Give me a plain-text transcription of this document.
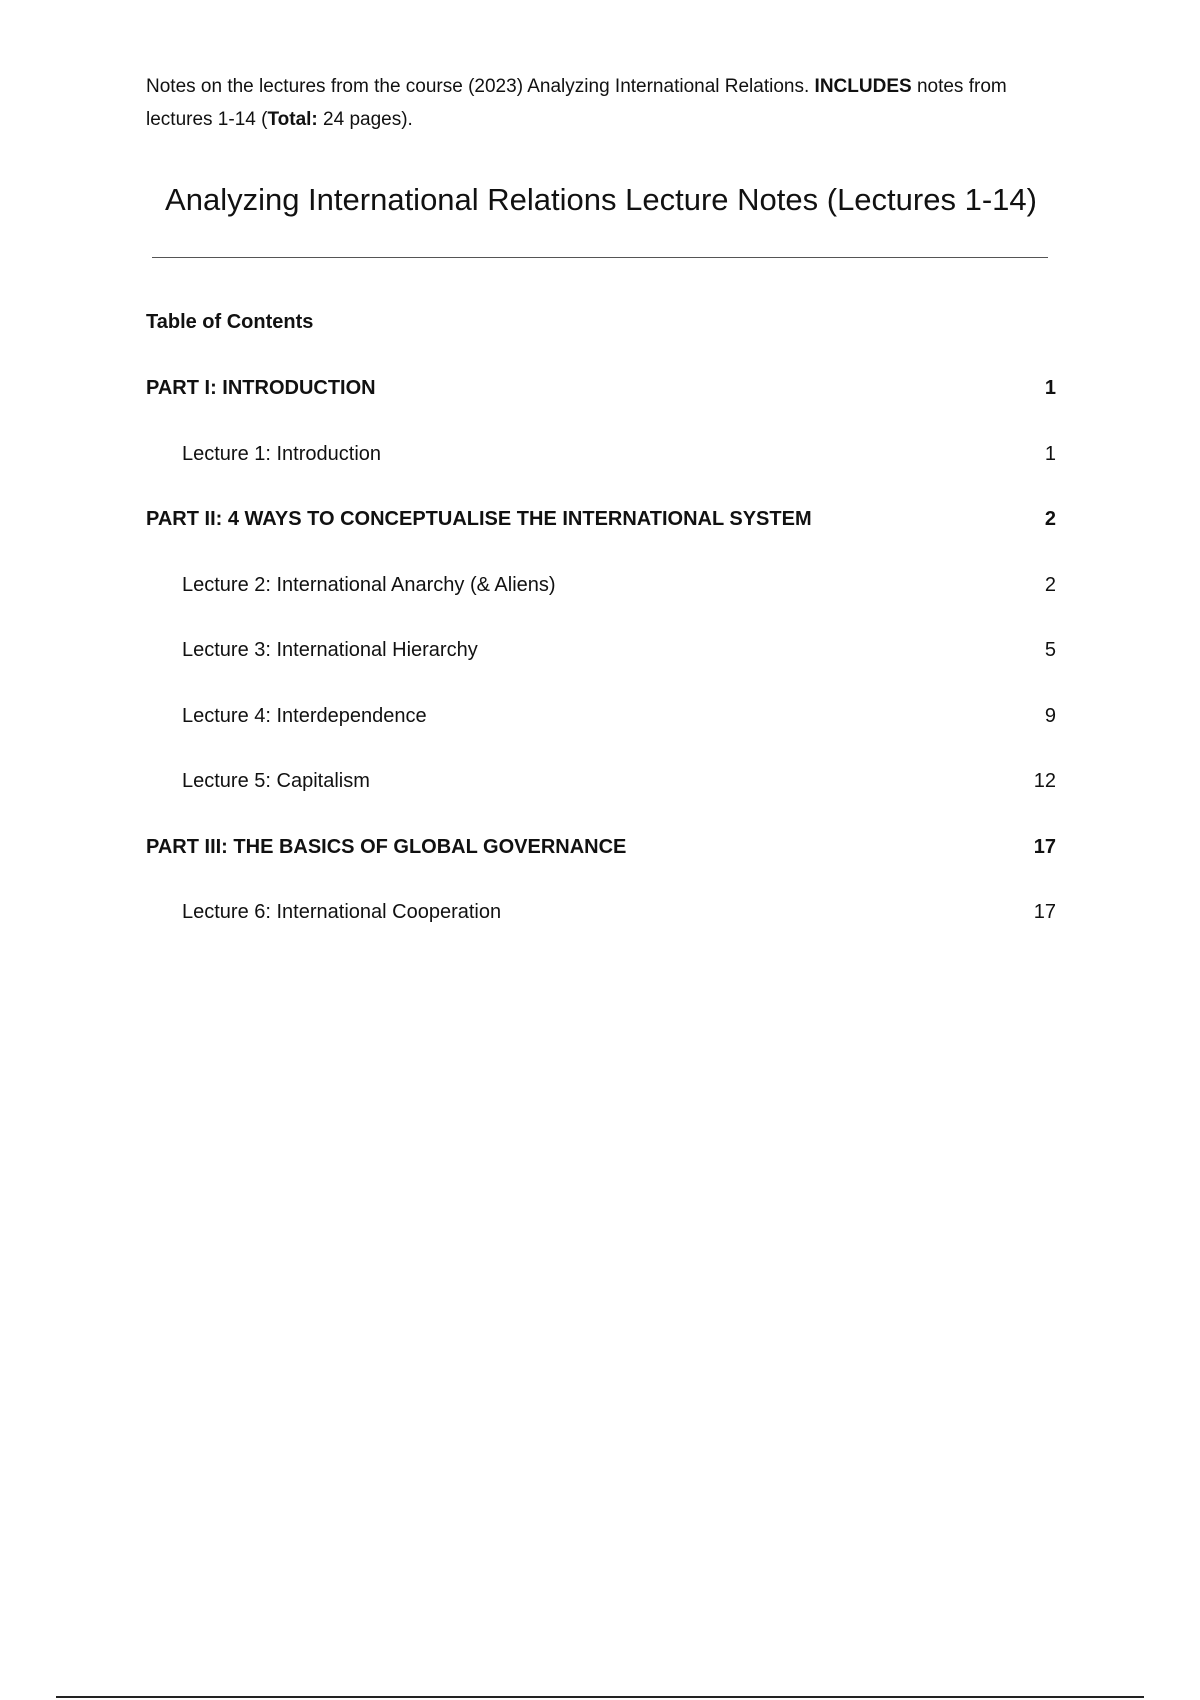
Notes on the lectures from the course (2023) Analyzing International Relations. INCLUDES notes from lectures 1-14 (Total: 24 pages).

Analyzing International Relations Lecture Notes (Lectures 1-14)
Table of Contents
PART I: INTRODUCTION	1
Lecture 1: Introduction	1
PART II: 4 WAYS TO CONCEPTUALISE THE INTERNATIONAL SYSTEM	2
Lecture 2: International Anarchy (& Aliens)	2
Lecture 3: International Hierarchy	5
Lecture 4: Interdependence	9
Lecture 5: Capitalism	12
PART III: THE BASICS OF GLOBAL GOVERNANCE	17
Lecture 6: International Cooperation	17
